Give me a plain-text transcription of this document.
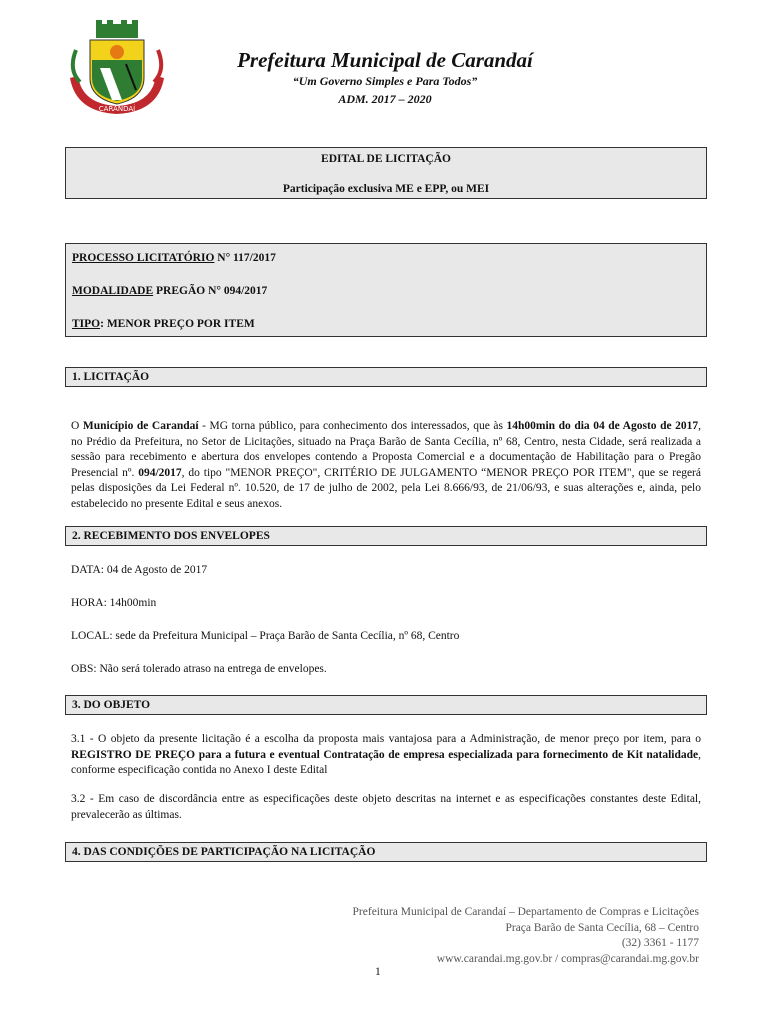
CARANDAÍ
Prefeitura Municipal de Carandaí
“Um Governo Simples e Para Todos”
ADM. 2017 – 2020
EDITAL DE LICITAÇÃO
Participação exclusiva ME e EPP, ou MEI
PROCESSO LICITATÓRIO N° 117/2017
MODALIDADE PREGÃO N° 094/2017
TIPO: MENOR PREÇO POR ITEM
1. LICITAÇÃO
O Município de Carandaí - MG torna público, para conhecimento dos interessados, que às 14h00min do dia 04 de Agosto de 2017, no Prédio da Prefeitura, no Setor de Licitações, situado na Praça Barão de Santa Cecília, nº 68, Centro, nesta Cidade, será realizada a sessão para recebimento e abertura dos envelopes contendo a Proposta Comercial e a documentação de Habilitação para o Pregão Presencial nº. 094/2017, do tipo "MENOR PREÇO", CRITÉRIO DE JULGAMENTO “MENOR PREÇO POR ITEM", que se regerá pelas disposições da Lei Federal nº. 10.520, de 17 de julho de 2002, pela Lei 8.666/93, de 21/06/93, e suas alterações e, ainda, pelo estabelecido no presente Edital e seus anexos.
2. RECEBIMENTO DOS ENVELOPES
DATA: 04 de Agosto de 2017
HORA: 14h00min
LOCAL: sede da Prefeitura Municipal – Praça Barão de Santa Cecília, nº 68, Centro
OBS: Não será tolerado atraso na entrega de envelopes.
3. DO OBJETO
3.1 - O objeto da presente licitação é a escolha da proposta mais vantajosa para a Administração, de menor preço por item, para o REGISTRO DE PREÇO para a futura e eventual Contratação de empresa especializada para fornecimento de Kit natalidade, conforme especificação contida no Anexo I deste Edital
3.2 - Em caso de discordância entre as especificações deste objeto descritas na internet e as especificações constantes deste Edital, prevalecerão as últimas.
4. DAS CONDIÇÕES DE PARTICIPAÇÃO NA LICITAÇÃO
Prefeitura Municipal de Carandaí – Departamento de Compras e Licitações
Praça Barão de Santa Cecília, 68 – Centro
(32) 3361 - 1177
www.carandai.mg.gov.br / compras@carandai.mg.gov.br
1
